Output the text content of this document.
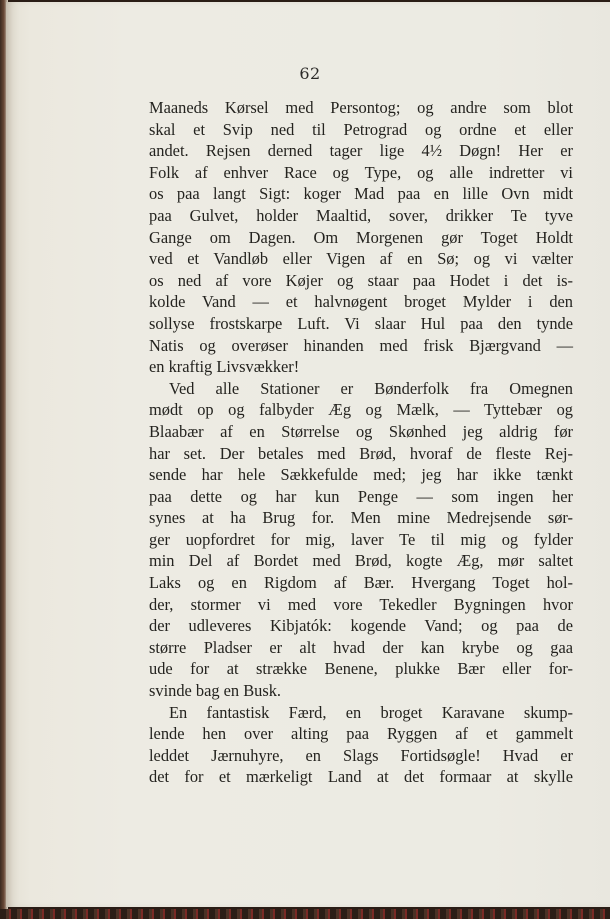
62
Maaneds Kørsel med Persontog; og andre som blot
skal et Svip ned til Petrograd og ordne et eller
andet. Rejsen derned tager lige 4½ Døgn! Her er
Folk af enhver Race og Type, og alle indretter vi
os paa langt Sigt: koger Mad paa en lille Ovn midt
paa Gulvet, holder Maaltid, sover, drikker Te tyve
Gange om Dagen. Om Morgenen gør Toget Holdt
ved et Vandløb eller Vigen af en Sø; og vi vælter
os ned af vore Køjer og staar paa Hodet i det is-
kolde Vand — et halvnøgent broget Mylder i den
sollyse frostskarpe Luft. Vi slaar Hul paa den tynde
Natis og overøser hinanden med frisk Bjærgvand —
en kraftig Livsvækker!
Ved alle Stationer er Bønderfolk fra Omegnen
mødt op og falbyder Æg og Mælk, — Tyttebær og
Blaabær af en Størrelse og Skønhed jeg aldrig før
har set. Der betales med Brød, hvoraf de fleste Rej-
sende har hele Sækkefulde med; jeg har ikke tænkt
paa dette og har kun Penge — som ingen her
synes at ha Brug for. Men mine Medrejsende sør-
ger uopfordret for mig, laver Te til mig og fylder
min Del af Bordet med Brød, kogte Æg, mør saltet
Laks og en Rigdom af Bær. Hvergang Toget hol-
der, stormer vi med vore Tekedler Bygningen hvor
der udleveres Kibjatók: kogende Vand; og paa de
større Pladser er alt hvad der kan krybe og gaa
ude for at strække Benene, plukke Bær eller for-
svinde bag en Busk.
En fantastisk Færd, en broget Karavane skump-
lende hen over alting paa Ryggen af et gammelt
leddet Jærnuhyre, en Slags Fortidsøgle! Hvad er
det for et mærkeligt Land at det formaar at skylle
